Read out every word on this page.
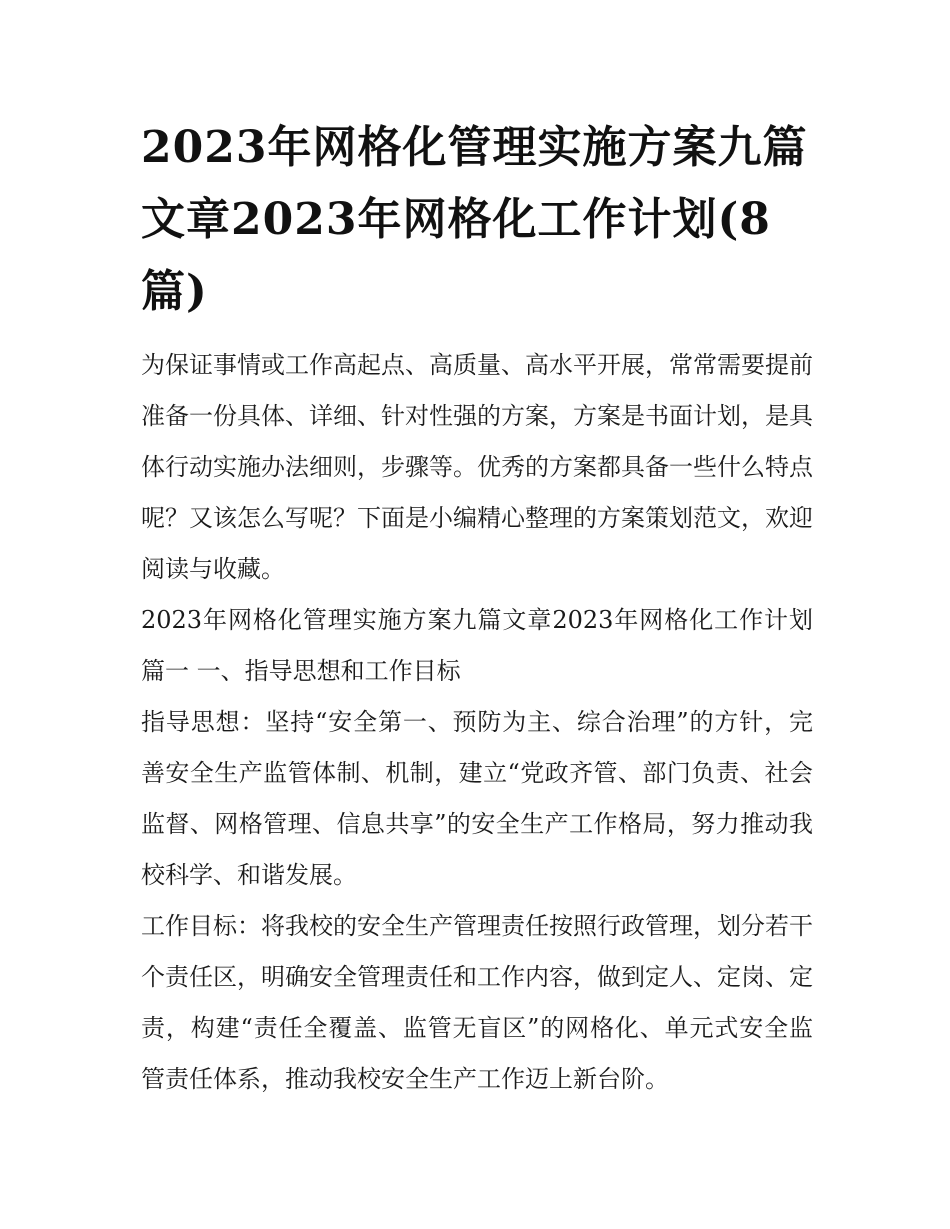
2023年网格化管理实施方案九篇文章2023年网格化工作计划(8篇)

为保证事情或工作高起点、高质量、高水平开展，常常需要提前准备一份具体、详细、针对性强的方案，方案是书面计划，是具体行动实施办法细则，步骤等。优秀的方案都具备一些什么特点呢？又该怎么写呢？下面是小编精心整理的方案策划范文，欢迎阅读与收藏。

2023年网格化管理实施方案九篇文章2023年网格化工作计划篇一 一、指导思想和工作目标

指导思想：坚持“安全第一、预防为主、综合治理”的方针，完善安全生产监管体制、机制，建立“党政齐管、部门负责、社会监督、网格管理、信息共享”的安全生产工作格局，努力推动我校科学、和谐发展。

工作目标：将我校的安全生产管理责任按照行政管理，划分若干个责任区，明确安全管理责任和工作内容，做到定人、定岗、定责，构建“责任全覆盖、监管无盲区”的网格化、单元式安全监管责任体系，推动我校安全生产工作迈上新台阶。
